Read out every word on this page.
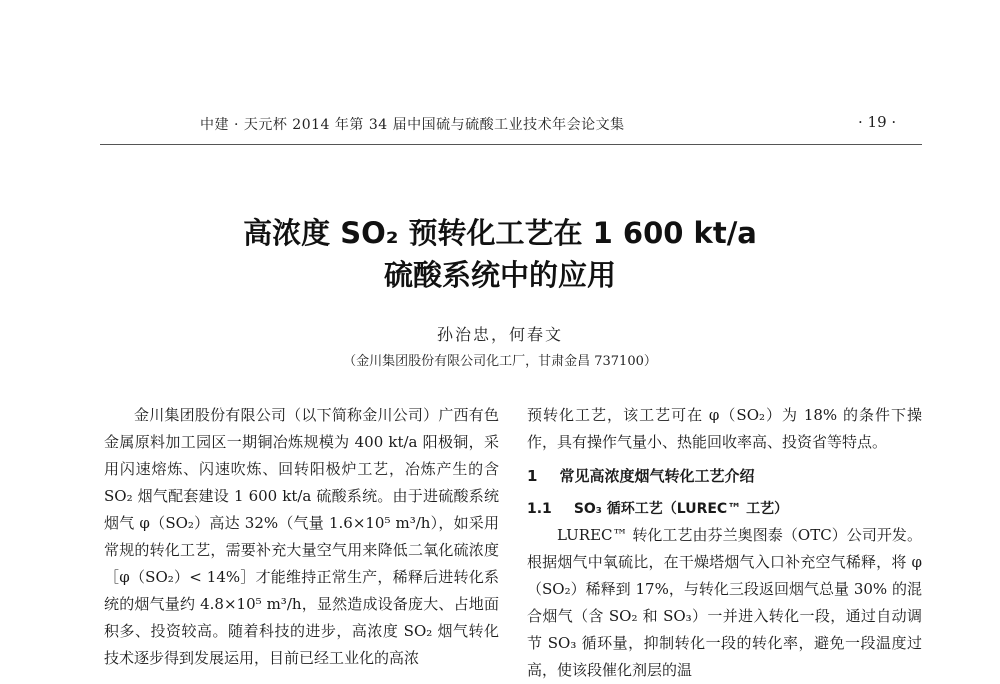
中建 · 天元杯 2014 年第 34 届中国硫与硫酸工业技术年会论文集	· 19 ·
高浓度 SO₂ 预转化工艺在 1 600 kt/a
硫酸系统中的应用
孙治忠，何春文
（金川集团股份有限公司化工厂，甘肃金昌 737100）

金川集团股份有限公司（以下简称金川公司）广西有色金属原料加工园区一期铜冶炼规模为 400 kt/a 阳极铜，采用闪速熔炼、闪速吹炼、回转阳极炉工艺，冶炼产生的含 SO₂ 烟气配套建设 1 600 kt/a 硫酸系统。由于进硫酸系统烟气 φ（SO₂）高达 32%（气量 1.6×10⁵ m³/h），如采用常规的转化工艺，需要补充大量空气用来降低二氧化硫浓度［φ（SO₂）< 14%］才能维持正常生产，稀释后进转化系统的烟气量约 4.8×10⁵ m³/h，显然造成设备庞大、占地面积多、投资较高。随着科技的进步，高浓度 SO₂ 烟气转化技术逐步得到发展运用，目前已经工业化的高浓

预转化工艺，该工艺可在 φ（SO₂）为 18% 的条件下操作，具有操作气量小、热能回收率高、投资省等特点。

1 常见高浓度烟气转化工艺介绍
1.1 SO₃ 循环工艺（LUREC™ 工艺）

LUREC™ 转化工艺由芬兰奥图泰（OTC）公司开发。根据烟气中氧硫比，在干燥塔烟气入口补充空气稀释，将 φ（SO₂）稀释到 17%，与转化三段返回烟气总量 30% 的混合烟气（含 SO₂ 和 SO₃）一并进入转化一段，通过自动调节 SO₃ 循环量，抑制转化一段的转化率，避免一段温度过高，使该段催化剂层的温
